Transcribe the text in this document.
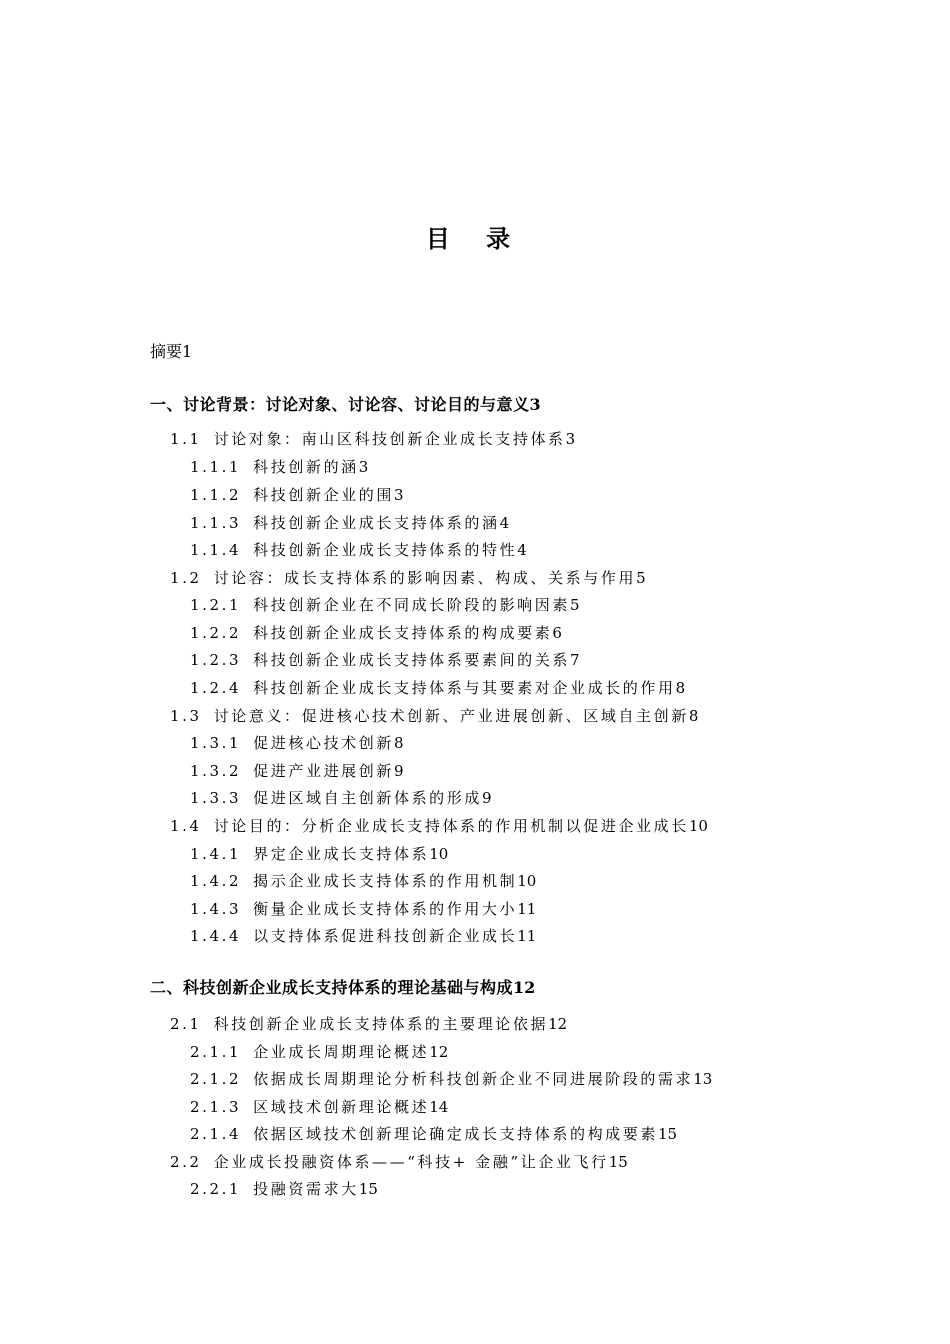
目 录
摘要1
一、讨论背景：讨论对象、讨论容、讨论目的与意义3
1.1 讨论对象：南山区科技创新企业成长支持体系3
1.1.1 科技创新的涵3
1.1.2 科技创新企业的围3
1.1.3 科技创新企业成长支持体系的涵4
1.1.4 科技创新企业成长支持体系的特性4
1.2 讨论容：成长支持体系的影响因素、构成、关系与作用5
1.2.1 科技创新企业在不同成长阶段的影响因素5
1.2.2 科技创新企业成长支持体系的构成要素6
1.2.3 科技创新企业成长支持体系要素间的关系7
1.2.4 科技创新企业成长支持体系与其要素对企业成长的作用8
1.3 讨论意义：促进核心技术创新、产业进展创新、区域自主创新8
1.3.1 促进核心技术创新8
1.3.2 促进产业进展创新9
1.3.3 促进区域自主创新体系的形成9
1.4 讨论目的：分析企业成长支持体系的作用机制以促进企业成长10
1.4.1 界定企业成长支持体系10
1.4.2 揭示企业成长支持体系的作用机制10
1.4.3 衡量企业成长支持体系的作用大小11
1.4.4 以支持体系促进科技创新企业成长11
二、科技创新企业成长支持体系的理论基础与构成12
2.1 科技创新企业成长支持体系的主要理论依据12
2.1.1 企业成长周期理论概述12
2.1.2 依据成长周期理论分析科技创新企业不同进展阶段的需求13
2.1.3 区域技术创新理论概述14
2.1.4 依据区域技术创新理论确定成长支持体系的构成要素15
2.2 企业成长投融资体系——“科技+ 金融”让企业飞行15
2.2.1 投融资需求大15
